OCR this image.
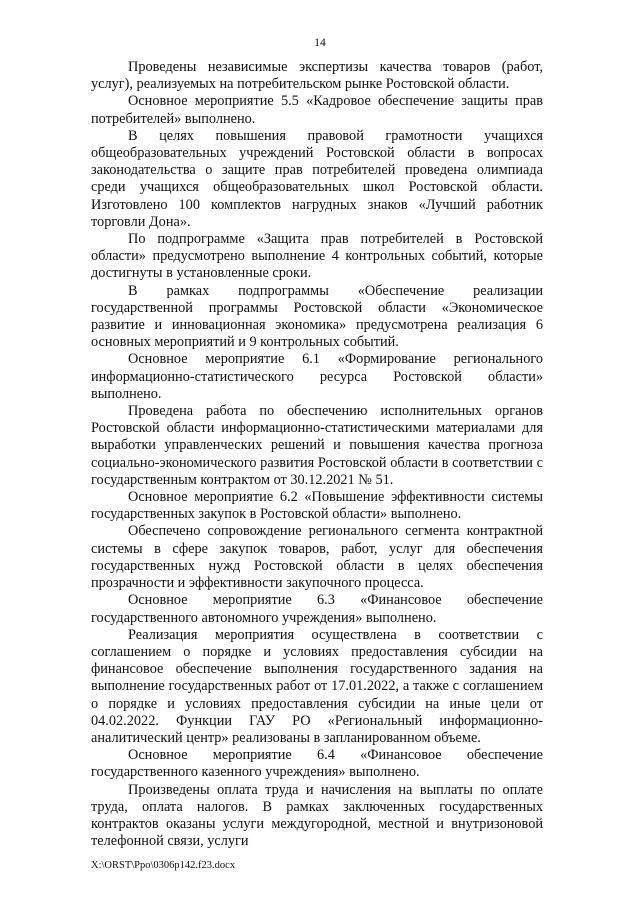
14

Проведены независимые экспертизы качества товаров (работ, услуг), реализуемых на потребительском рынке Ростовской области.

Основное мероприятие 5.5 «Кадровое обеспечение защиты прав потребителей» выполнено.

В целях повышения правовой грамотности учащихся общеобразовательных учреждений Ростовской области в вопросах законодательства о защите прав потребителей проведена олимпиада среди учащихся общеобразовательных школ Ростовской области. Изготовлено 100 комплектов нагрудных знаков «Лучший работник торговли Дона».

По подпрограмме «Защита прав потребителей в Ростовской области» предусмотрено выполнение 4 контрольных событий, которые достигнуты в установленные сроки.

В рамках подпрограммы «Обеспечение реализации государственной программы Ростовской области «Экономическое развитие и инновационная экономика» предусмотрена реализация 6 основных мероприятий и 9 контрольных событий.

Основное мероприятие 6.1 «Формирование регионального информационно-статистического ресурса Ростовской области» выполнено.

Проведена работа по обеспечению исполнительных органов Ростовской области информационно-статистическими материалами для выработки управленческих решений и повышения качества прогноза социально-экономического развития Ростовской области в соответствии с государственным контрактом от 30.12.2021 № 51.

Основное мероприятие 6.2 «Повышение эффективности системы государственных закупок в Ростовской области» выполнено.

Обеспечено сопровождение регионального сегмента контрактной системы в сфере закупок товаров, работ, услуг для обеспечения государственных нужд Ростовской области в целях обеспечения прозрачности и эффективности закупочного процесса.

Основное мероприятие 6.3 «Финансовое обеспечение государственного автономного учреждения» выполнено.

Реализация мероприятия осуществлена в соответствии с соглашением о порядке и условиях предоставления субсидии на финансовое обеспечение выполнения государственного задания на выполнение государственных работ от 17.01.2022, а также с соглашением о порядке и условиях предоставления субсидии на иные цели от 04.02.2022. Функции ГАУ РО «Региональный информационно-аналитический центр» реализованы в запланированном объеме.

Основное мероприятие 6.4 «Финансовое обеспечение государственного казенного учреждения» выполнено.

Произведены оплата труда и начисления на выплаты по оплате труда, оплата налогов. В рамках заключенных государственных контрактов оказаны услуги междугородной, местной и внутризоновой телефонной связи, услуги

X:\ORST\Ppo\0306p142.f23.docx
